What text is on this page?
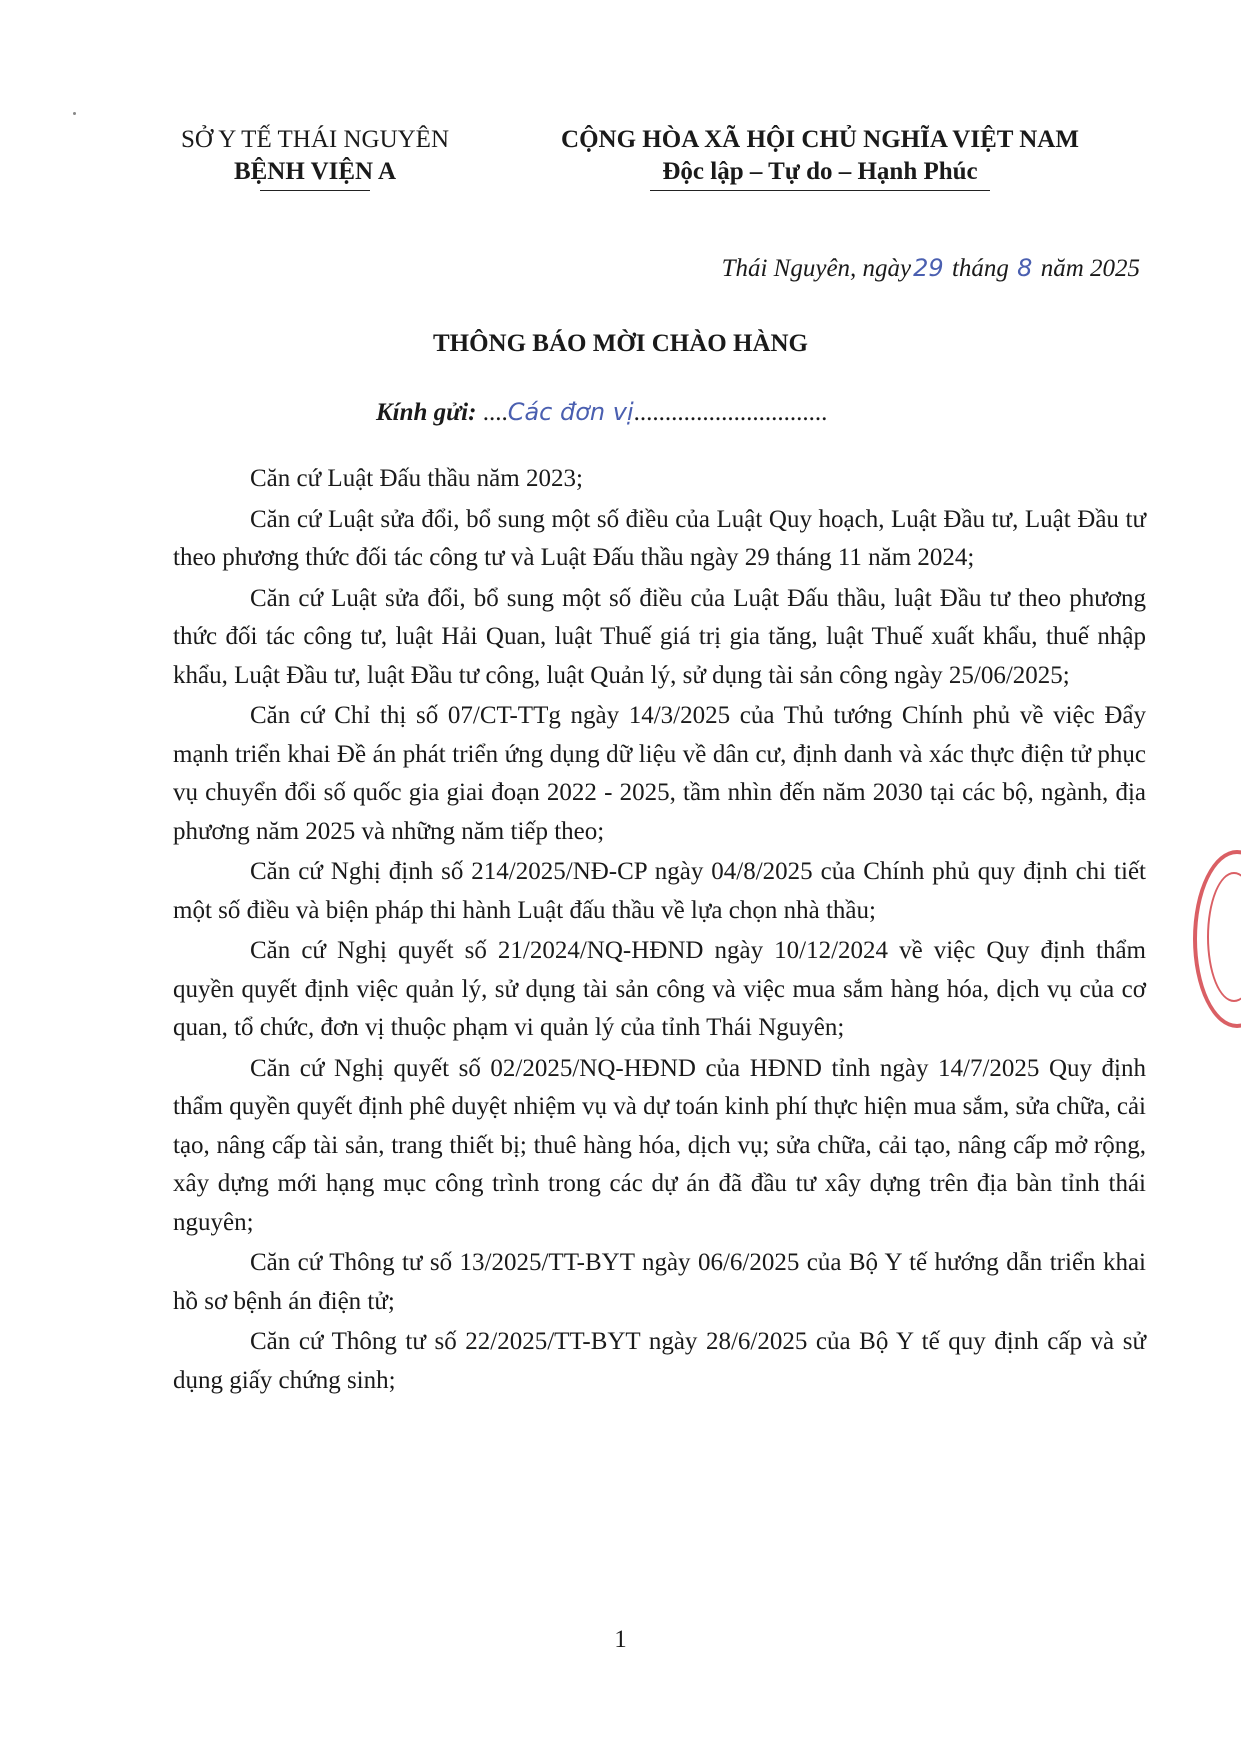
SỞ Y TẾ THÁI NGUYÊN
BỆNH VIỆN A
CỘNG HÒA XÃ HỘI CHỦ NGHĨA VIỆT NAM
Độc lập – Tự do – Hạnh Phúc
Thái Nguyên, ngày29 tháng 8 năm 2025
THÔNG BÁO MỜI CHÀO HÀNG
Kính gửi: ....Các đơn vị...............................

Căn cứ Luật Đấu thầu năm 2023;

Căn cứ Luật sửa đổi, bổ sung một số điều của Luật Quy hoạch, Luật Đầu tư, Luật Đầu tư theo phương thức đối tác công tư và Luật Đấu thầu ngày 29 tháng 11 năm 2024;

Căn cứ Luật sửa đổi, bổ sung một số điều của Luật Đấu thầu, luật Đầu tư theo phương thức đối tác công tư, luật Hải Quan, luật Thuế giá trị gia tăng, luật Thuế xuất khẩu, thuế nhập khẩu, Luật Đầu tư, luật Đầu tư công, luật Quản lý, sử dụng tài sản công ngày 25/06/2025;

Căn cứ Chỉ thị số 07/CT-TTg ngày 14/3/2025 của Thủ tướng Chính phủ về việc Đẩy mạnh triển khai Đề án phát triển ứng dụng dữ liệu về dân cư, định danh và xác thực điện tử phục vụ chuyển đổi số quốc gia giai đoạn 2022 - 2025, tầm nhìn đến năm 2030 tại các bộ, ngành, địa phương năm 2025 và những năm tiếp theo;

Căn cứ Nghị định số 214/2025/NĐ-CP ngày 04/8/2025 của Chính phủ quy định chi tiết một số điều và biện pháp thi hành Luật đấu thầu về lựa chọn nhà thầu;

Căn cứ Nghị quyết số 21/2024/NQ-HĐND ngày 10/12/2024 về việc Quy định thẩm quyền quyết định việc quản lý, sử dụng tài sản công và việc mua sắm hàng hóa, dịch vụ của cơ quan, tổ chức, đơn vị thuộc phạm vi quản lý của tỉnh Thái Nguyên;

Căn cứ Nghị quyết số 02/2025/NQ-HĐND của HĐND tỉnh ngày 14/7/2025 Quy định thẩm quyền quyết định phê duyệt nhiệm vụ và dự toán kinh phí thực hiện mua sắm, sửa chữa, cải tạo, nâng cấp tài sản, trang thiết bị; thuê hàng hóa, dịch vụ; sửa chữa, cải tạo, nâng cấp mở rộng, xây dựng mới hạng mục công trình trong các dự án đã đầu tư xây dựng trên địa bàn tỉnh thái nguyên;

Căn cứ Thông tư số 13/2025/TT-BYT ngày 06/6/2025 của Bộ Y tế hướng dẫn triển khai hồ sơ bệnh án điện tử;

Căn cứ Thông tư số 22/2025/TT-BYT ngày 28/6/2025 của Bộ Y tế quy định cấp và sử dụng giấy chứng sinh;

1
